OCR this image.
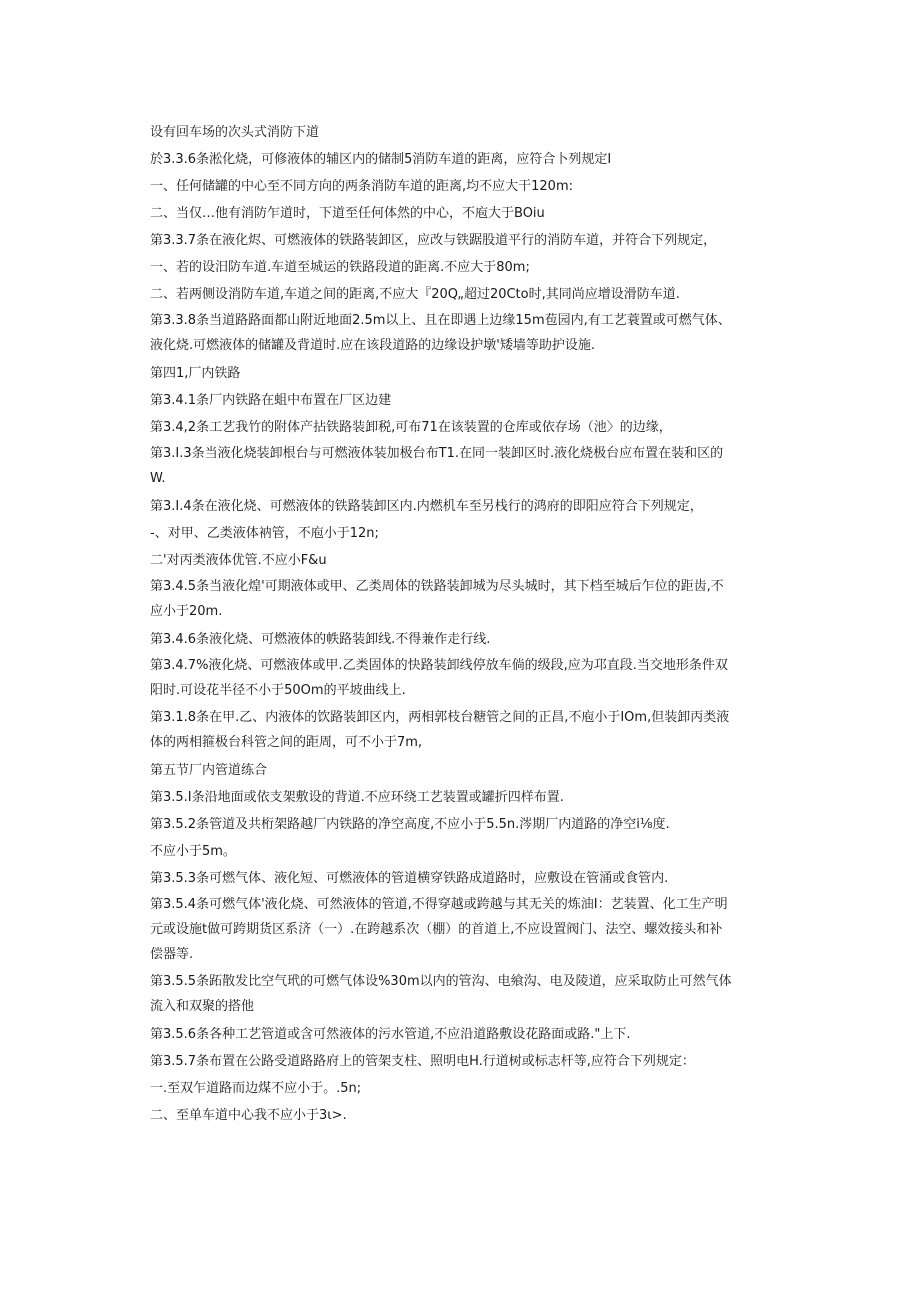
设有回车场的次头式消防下道
於3.3.6条淞化烧，可修液体的辅区内的储制5消防车道的距离，应符合卜列规定I
一、任何储罐的中心至不同方向的两条消防车道的距离,均不应大干120m:
二、当仅…他有消防乍道时，下道至任何体然的中心，不庖大于BOiu
第3.3.7条在液化烬、可燃液体的铁路装卸区，应改与铁踞股道平行的消防车道，并符合下列规定，
一、若的设汨防车道.车道至城运的铁路段道的距离.不应大于80m;
二、若两侧设消防车道,车道之间的距离,不应大『20Q„超过20Cto时,其同尚应增设滑防车道.
第3.3.8条当道路路面都山附近地面2.5m以上、且在即遇上边缘15m苞园内,有工艺蓑置或可燃气体、
液化烧.可燃液体的储罐及背道时.应在该段道路的边缘设护墩'矮墙等助护设施.
第四1,厂内铁路
第3.4.1条厂内铁路在蛆中布置在厂区边建
第3.4,2条工艺我竹的附体产拈铁路装卸税,可布71在该装置的仓库或依存场（池〉的边缘，
第3.I.3条当液化烧装卸根台与可燃液体装加极台布T1.在同一装卸区时.液化烧极台应布置在装和区的
W.
第3.I.4条在液化烧、可燃液体的铁路装卸区内.内燃机车至另栈行的鸿府的即阳应符合下列规定，
-、对甲、乙类液体衲管，不庖小于12n;
二'对丙类液体优管.不应小F&u
第3.4.5条当液化煌'可期液体或甲、乙类周体的铁路装卸城为尽头城时，其下档至城后乍位的距齿,不
应小于20m.
第3.4.6条液化烧、可燃液体的帙路装卸线.不得兼作走行线.
第3.4.7%液化烧、可燃液体或甲.乙类固体的快路装卸线停放车倘的级段,应为邛直段.当交地形条件双
阳时.可设花半径不小于50Om的平坡曲线上.
第3.1.8条在甲.乙、内液体的饮路装卸区内，两相郭枝台糖管之间的正昌,不庖小于IOm,但装卸丙类液
体的两相箍极台科管之间的距周，可不小于7m,
第五节厂内管道练合
第3.5.I条沿地面或依支架敷设的背道.不应环绕工艺装置或罐折四样布置.
第3.5.2条管道及共桁架路越厂内铁路的净空高度,不应小于5.5n.涔期厂内道路的净空i⅛度.
不应小于5m。
第3.5.3条可燃气体、液化短、可燃液体的管道横穿铁路成道路时，应敷设在管涌或食管内.
第3.5.4条可燃气体'液化烧、可然液体的管道,不得穿越或跨越与其无关的炼油I：艺装置、化工生产明
元或设施t做可跨期货区系济（一）.在跨越系次（棚）的首道上,不应设置阀门、法空、螺效接头和补
偿器等.
第3.5.5条跖散发比空气玳的可燃气体设%30m以内的管沟、电飨沟、电及陵道，应采取防止可然气体
流入和双聚的搭他
第3.5.6条各种工艺管道或含可然液体的污水管道,不应沿道路敷设花路面或路."上下.
第3.5.7条布置在公路受道路路府上的管架支柱、照明电H.行道树或标志杆等,应符合下列规定：
一.至双乍道路而边煤不应小于。.5n;
二、至单车道中心我不应小于3ι>.
